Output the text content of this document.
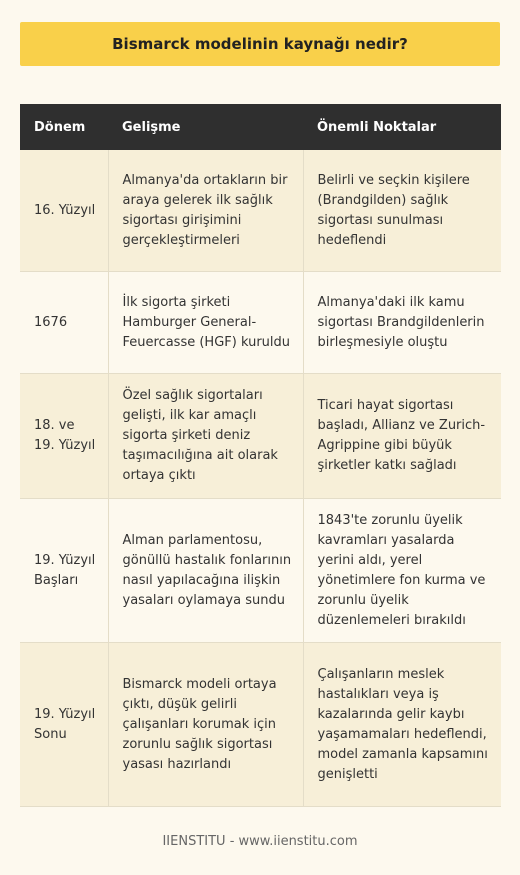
Bismarck modelinin kaynağı nedir?
Dönem	Gelişme	Önemli Noktalar
16. Yüzyıl	Almanya'da ortakların bir araya gelerek ilk sağlık sigortası girişimini gerçekleştirmeleri	Belirli ve seçkin kişilere (Brandgilden) sağlık sigortası sunulması hedeflendi
1676	İlk sigorta şirketi Hamburger General-Feuercasse (HGF) kuruldu	Almanya'daki ilk kamu sigortası Brandgildenlerin birleşmesiyle oluştu
18. ve 19. Yüzyıl	Özel sağlık sigortaları gelişti, ilk kar amaçlı sigorta şirketi deniz taşımacılığına ait olarak ortaya çıktı	Ticari hayat sigortası başladı, Allianz ve Zurich-Agrippine gibi büyük şirketler katkı sağladı
19. Yüzyıl Başları	Alman parlamentosu, gönüllü hastalık fonlarının nasıl yapılacağına ilişkin yasaları oylamaya sundu	1843'te zorunlu üyelik kavramları yasalarda yerini aldı, yerel yönetimlere fon kurma ve zorunlu üyelik düzenlemeleri bırakıldı
19. Yüzyıl Sonu	Bismarck modeli ortaya çıktı, düşük gelirli çalışanları korumak için zorunlu sağlık sigortası yasası hazırlandı	Çalışanların meslek hastalıkları veya iş kazalarında gelir kaybı yaşamamaları hedeflendi, model zamanla kapsamını genişletti
IIENSTITU - www.iienstitu.com
